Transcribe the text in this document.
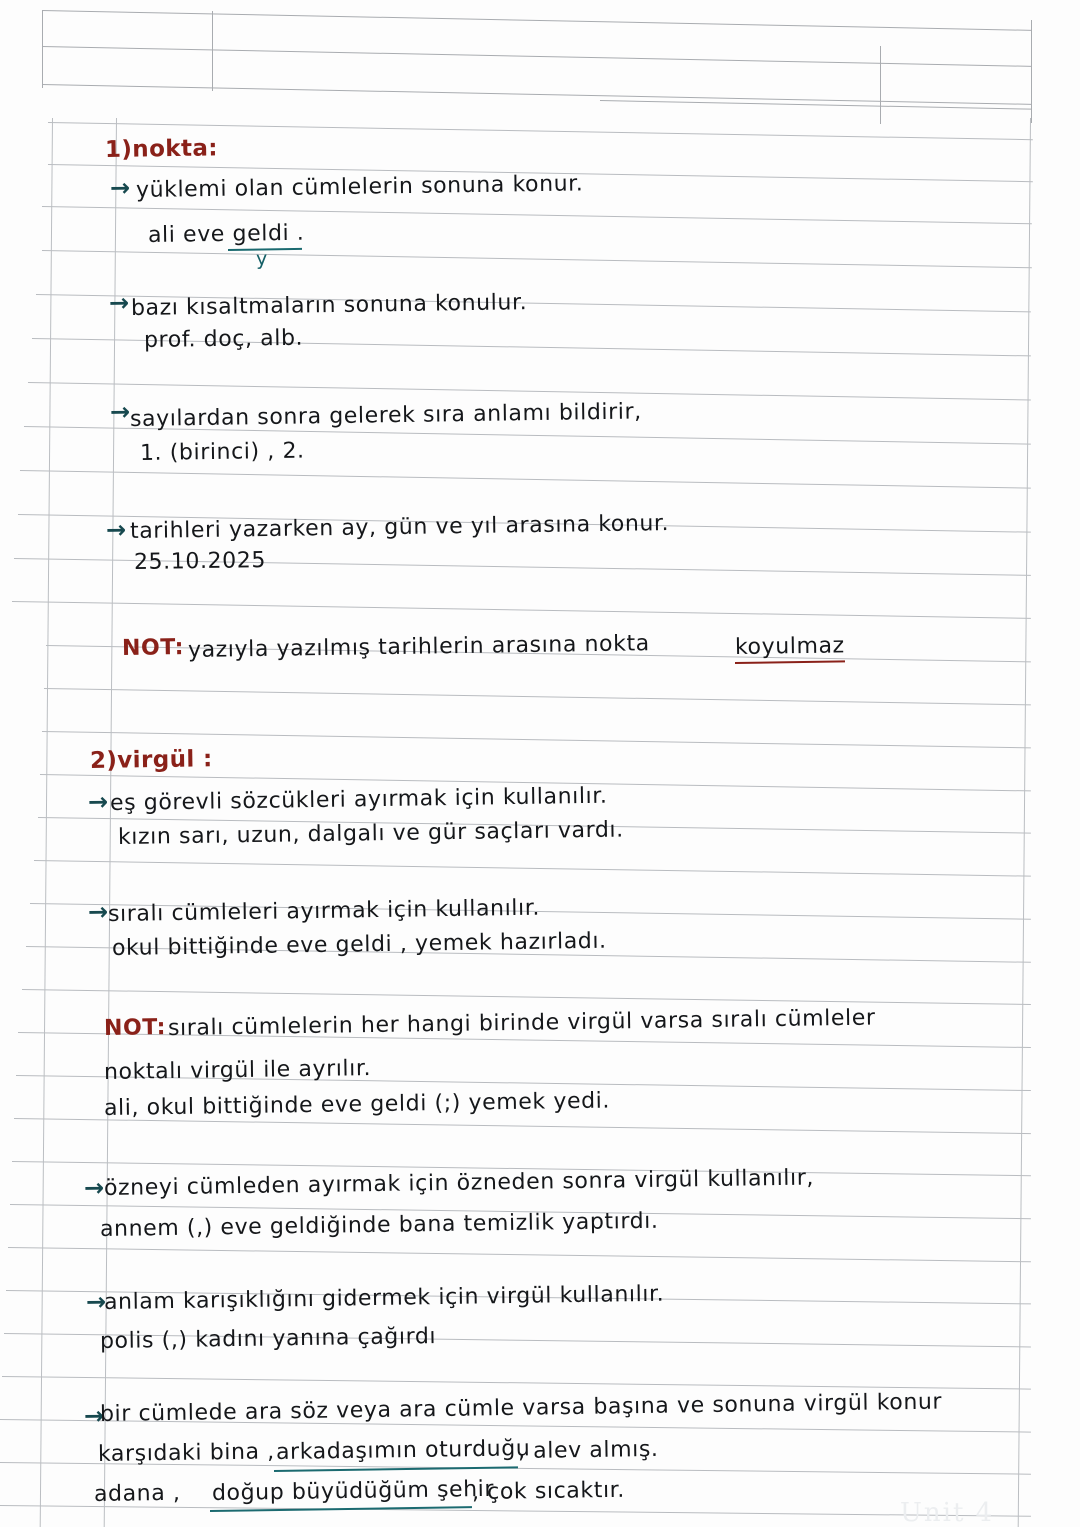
1)nokta:
→ yüklemi olan cümlelerin sonuna konur.
ali eve geldi .
y
→ bazı kısaltmaların sonuna konulur.
prof. doç, alb.
→ sayılardan sonra gelerek sıra anlamı bildirir,
1. (birinci) , 2.
→ tarihleri yazarken ay, gün ve yıl arasına konur.
25.10.2025
NOT: yazıyla yazılmış tarihlerin arasına nokta	koyulmaz
2)virgül :
→ eş görevli sözcükleri ayırmak için kullanılır.
kızın sarı, uzun, dalgalı ve gür saçları vardı.
→ sıralı cümleleri ayırmak için kullanılır.
okul bittiğinde eve geldi , yemek hazırladı.
NOT: sıralı cümlelerin her hangi birinde virgül varsa sıralı cümleler
noktalı virgül ile ayrılır.
ali, okul bittiğinde eve geldi (;) yemek yedi.
→ özneyi cümleden ayırmak için özneden sonra virgül kullanılır,
annem (,) eve geldiğinde bana temizlik yaptırdı.
→
anlam karışıklığını gidermek için virgül kullanılır.
polis (,) kadını yanına çağırdı
→
bir cümlede ara söz veya ara cümle varsa başına ve sonuna virgül konur
karşıdaki bina , arkadaşımın oturduğu
, alev almış.
adana , doğup büyüdüğüm şehir
, çok sıcaktır.
Unit 4
